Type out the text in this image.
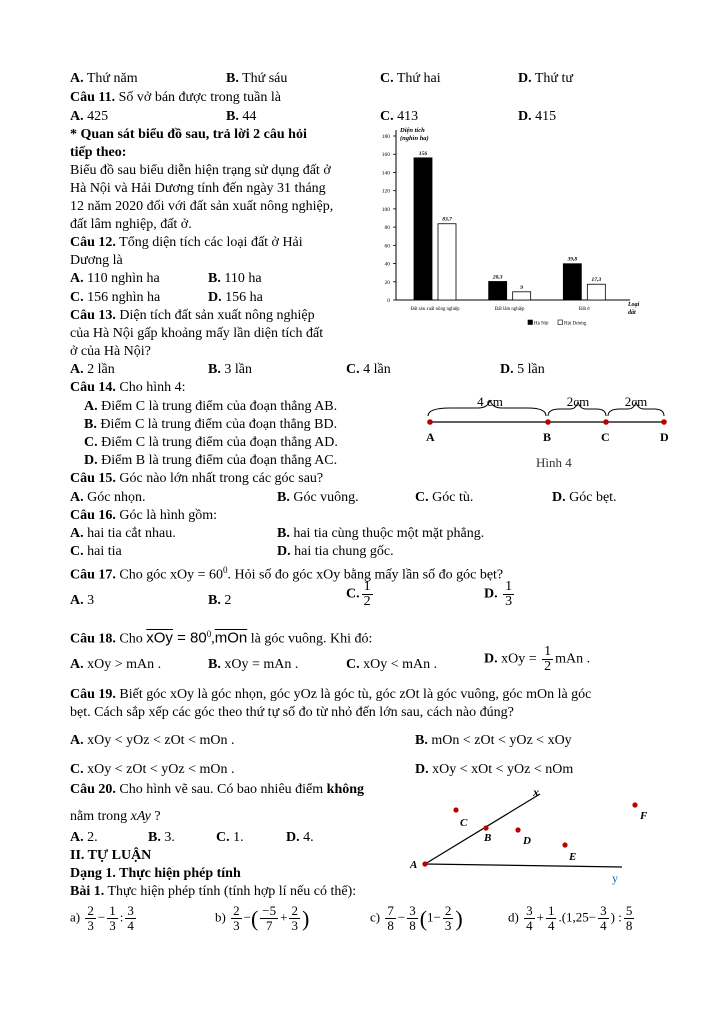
A. Thứ năm	B. Thứ sáu	C. Thứ hai	D. Thứ tư
Câu 11. Số vở bán được trong tuần là
A. 425	B. 44	C. 413	D. 415
* Quan sát biểu đồ sau, trả lời 2 câu hỏi
tiếp theo:
Biểu đồ sau biểu diễn hiện trạng sử dụng đất ở
Hà Nội và Hải Dương tính đến ngày 31 tháng
12 năm 2020 đối với đất sản xuất nông nghiệp,
đất lâm nghiệp, đất ở.
Câu 12. Tổng diện tích các loại đất ở Hải
Dương là
A. 110 nghìn ha	B. 110 ha
C. 156 nghìn ha	D. 156 ha
Câu 13. Diện tích đất sản xuất nông nghiệp
của Hà Nội gấp khoảng mấy lần diện tích đất
ở của Hà Nội?
A. 2 lần	B. 3 lần	C. 4 lần	D. 5 lần
0
20
40
60
80
100
120
140
160
180
Diện tích
(nghìn ha)
156
83,7
Đất sản xuất nông nghiệp
20,3
9
Đất lâm nghiệp
39,8
17,3
Đất ở
Loại
đất
Hà Nội	Hải Dương
Câu 14. Cho hình 4:
A. Điểm C là trung điểm của đoạn thẳng AB.
B. Điểm C là trung điểm của đoạn thẳng BD.
C. Điểm C là trung điểm của đoạn thẳng AD.
D. Điểm B là trung điểm của đoạn thẳng AC.
4 cm	2cm	2cm
A	B	C	D
Hình 4
Câu 15. Góc nào lớn nhất trong các góc sau?
A. Góc nhọn.	B. Góc vuông.	C. Góc tù.	D. Góc bẹt.
Câu 16. Góc là hình gồm:
A. hai tia cắt nhau.	B. hai tia cùng thuộc một mặt phẳng.
C. hai tia	D. hai tia chung gốc.
Câu 17. Cho góc xOy = $60^0$. Hỏi số đo góc xOy bằng mấy lần số đo góc bẹt?
A. 3	B. 2	C. $\frac{1}{2}$	D. $\frac{1}{3}$
Câu 18. Cho $\overline{xOy} = 80^0,\overline{mOn}$ là góc vuông. Khi đó:
A. xOy > mAn .	B. xOy = mAn .	C. xOy < mAn .	D. xOy = $\frac{1}{2}$ mAn .
Câu 19. Biết góc xOy là góc nhọn, góc yOz là góc tù, góc zOt là góc vuông, góc mOn là góc
bẹt. Cách sắp xếp các góc theo thứ tự số đo từ nhỏ đến lớn sau, cách nào đúng?
A. xOy < yOz < zOt < mOn .	B. mOn < zOt < yOz < xOy
C. xOy < zOt < yOz < mOn .	D. xOy < xOt < yOz < nOm
Câu 20. Cho hình vẽ sau. Có bao nhiêu điểm không
nằm trong xAy ?
A. 2.	B. 3.	C. 1.	D. 4.
x
y
A
B
C
D
E
F
II. TỰ LUẬN
Dạng 1. Thực hiện phép tính
Bài 1. Thực hiện phép tính (tính hợp lí nếu có thể):
$a) \frac{2}{3} - \frac{1}{3}$ : $\frac{3}{4}$	$b) \frac{2}{3}$ −( $\frac{-5}{7} + \frac{2}{3}$ )	$c) \frac{7}{8} - \frac{3}{8} (1- \frac{2}{3}$ )	$d) \frac{3}{4} + \frac{1}{4} .(1,25- \frac{3}{4}$ ) : $\frac{5}{8}$
